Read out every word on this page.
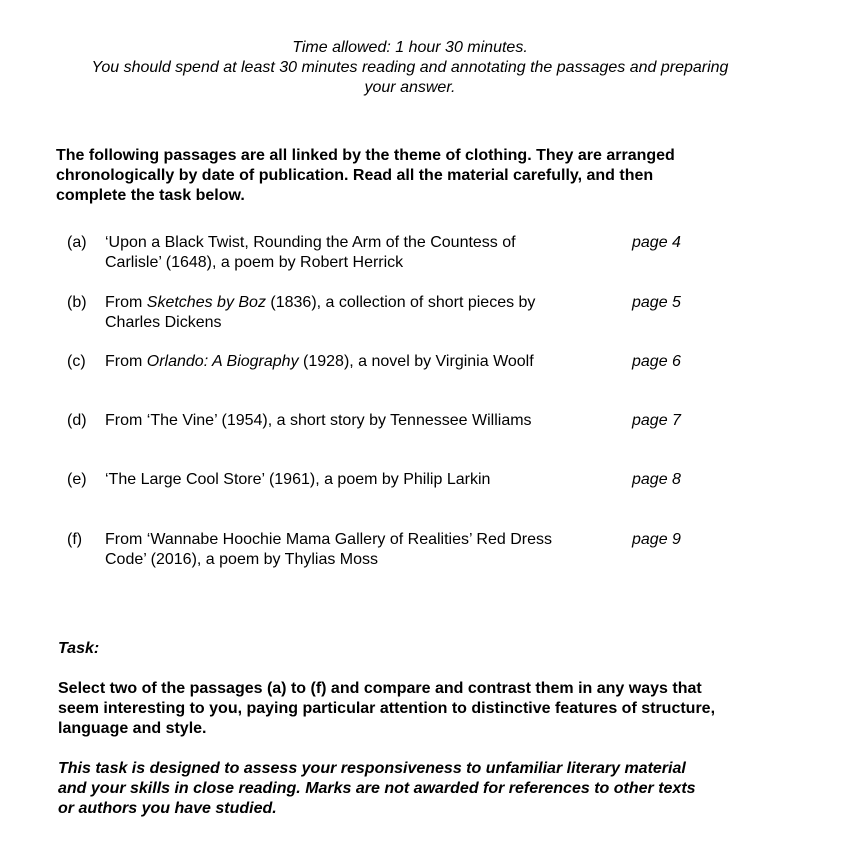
Time allowed: 1 hour 30 minutes.
You should spend at least 30 minutes reading and annotating the passages and preparing
your answer.
The following passages are all linked by the theme of clothing. They are arranged
chronologically by date of publication. Read all the material carefully, and then
complete the task below.
(a) ‘Upon a Black Twist, Rounding the Arm of the Countess of
Carlisle’ (1648), a poem by Robert Herrick
page 4
(b) From Sketches by Boz (1836), a collection of short pieces by
Charles Dickens
page 5
(c) From Orlando: A Biography (1928), a novel by Virginia Woolf	page 6
(d) From ‘The Vine’ (1954), a short story by Tennessee Williams	page 7
(e) ‘The Large Cool Store’ (1961), a poem by Philip Larkin	page 8
(f) From ‘Wannabe Hoochie Mama Gallery of Realities’ Red Dress
Code’ (2016), a poem by Thylias Moss
page 9
Task:
Select two of the passages (a) to (f) and compare and contrast them in any ways that
seem interesting to you, paying particular attention to distinctive features of structure,
language and style.
This task is designed to assess your responsiveness to unfamiliar literary material
and your skills in close reading. Marks are not awarded for references to other texts
or authors you have studied.
